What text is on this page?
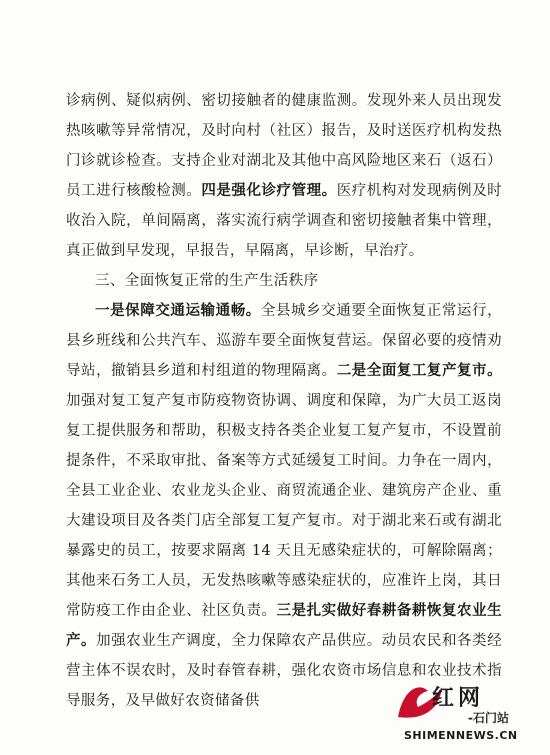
诊病例、疑似病例、密切接触者的健康监测。发现外来人员出现发热咳嗽等异常情况，及时向村（社区）报告，及时送医疗机构发热门诊就诊检查。支持企业对湖北及其他中高风险地区来石（返石）员工进行核酸检测。四是强化诊疗管理。医疗机构对发现病例及时收治入院，单间隔离，落实流行病学调查和密切接触者集中管理，真正做到早发现，早报告，早隔离，早诊断，早治疗。

三、全面恢复正常的生产生活秩序

一是保障交通运输通畅。全县城乡交通要全面恢复正常运行，县乡班线和公共汽车、巡游车要全面恢复营运。保留必要的疫情劝导站，撤销县乡道和村组道的物理隔离。二是全面复工复产复市。加强对复工复产复市防疫物资协调、调度和保障，为广大员工返岗复工提供服务和帮助，积极支持各类企业复工复产复市，不设置前提条件，不采取审批、备案等方式延缓复工时间。力争在一周内，全县工业企业、农业龙头企业、商贸流通企业、建筑房产企业、重大建设项目及各类门店全部复工复产复市。对于湖北来石或有湖北暴露史的员工，按要求隔离 14 天且无感染症状的，可解除隔离；其他来石务工人员，无发热咳嗽等感染症状的，应准许上岗，其日常防疫工作由企业、社区负责。三是扎实做好春耕备耕恢复农业生产。加强农业生产调度，全力保障农产品供应。动员农民和各类经营主体不误农时，及时春管春耕，强化农资市场信息和农业技术指导服务，及早做好农资储备供	红网
-石门站
SHIMENNEWS.CN
